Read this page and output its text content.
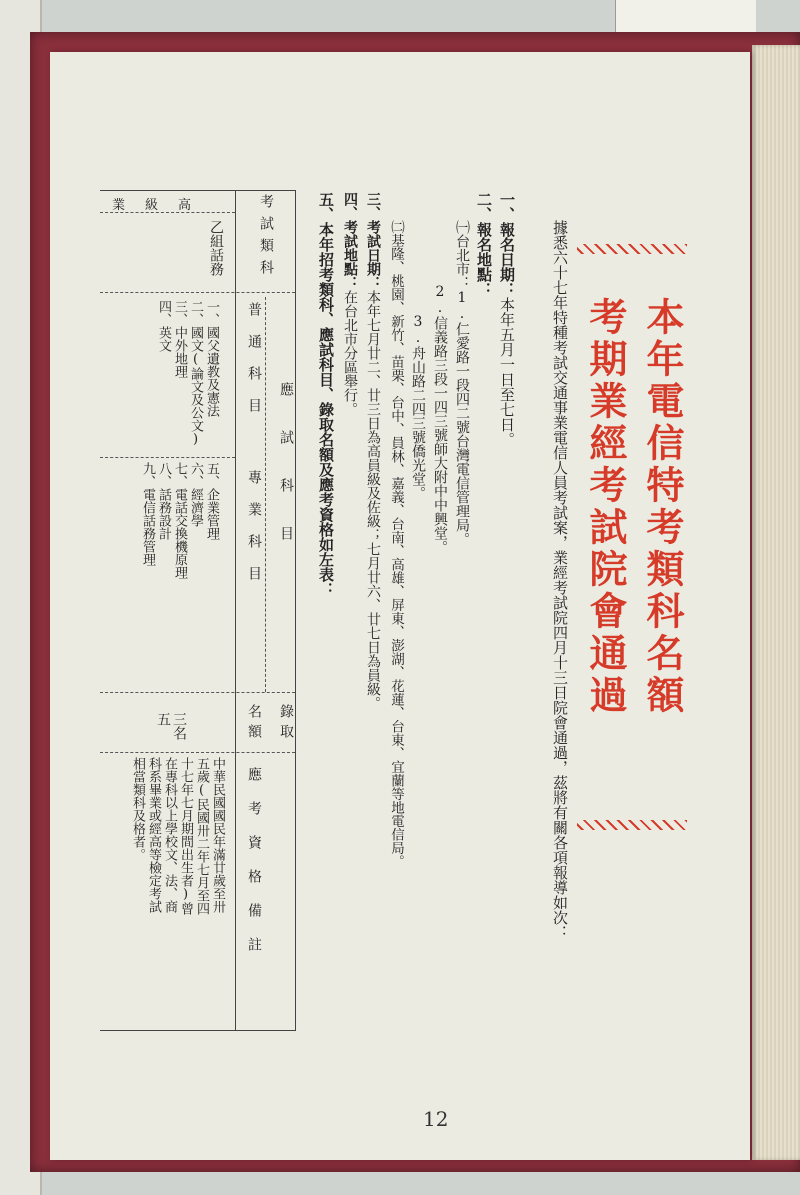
本年電信特考類科名額
考期業經考試院會通過
據悉六十七年特種考試交通事業電信人員考試案，業經考試院四月十三日院會通過，茲將有關各項報導如次：
一、報名日期：本年五月一日至七日。
二、報名地點：
㈠台北市：1.仁愛路一段四二號台灣電信管理局。
2.信義路三段一四三號師大附中中興堂。
3.舟山路二四三號僑光堂。
㈡基隆、桃園、新竹、苗栗、台中、員林、嘉義、台南、高雄、屏東、澎湖、花蓮、台東、宜蘭等地電信局。
三、考試日期：本年七月廿二、廿三日為高員級及佐級；七月廿六、廿七日為員級。
四、考試地點：在台北市分區舉行。
五、本年招考類科、應試科目、錄取名額及應考資格如左表：
考試類科
應試科目
普通科目
專業科目
錄取
名額
應考資格備註
高級業
乙組話務
一、國父遺教及憲法
二、國文(論文及公文)
三、中外地理
四、英文
五、企業管理
六、經濟學
七、電話交換機原理
八、話務設計
九、電信話務管理
三名
五
中華民國國民年滿廿歲至卅
五歲(民國卅二年七月至四
十七年七月期間出生者)曾
在專科以上學校文、法、商
科系畢業或經高等檢定考試
相當類科及格者。
12
